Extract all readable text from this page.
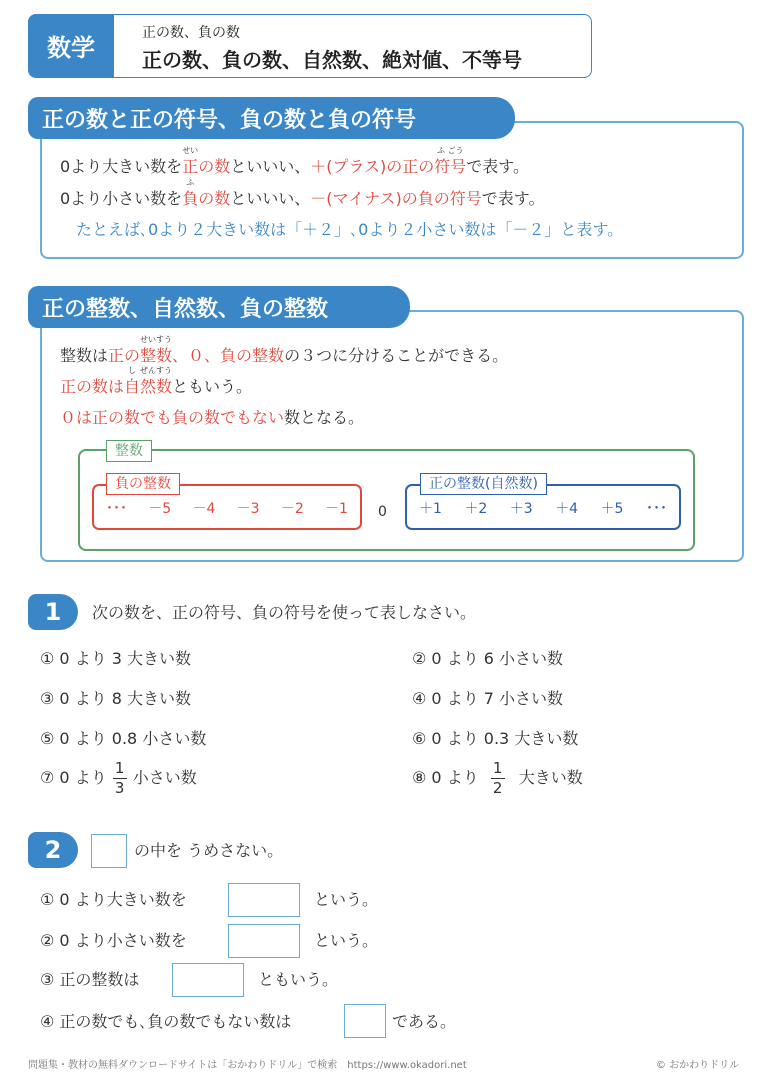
数学
正の数、負の数
正の数、負の数、自然数、絶対値、不等号
正の数と正の符号、負の数と負の符号
0より大きい数を
せい
正の数といいい、＋(プラス)の正の
ふ ごう
符号で表す。
0より小さい数を
ふ
負の数といいい、－(マイナス)の負の符号で表す。
たとえば､0より２大きい数は「＋２」､0より２小さい数は「－２」と表す。
正の整数、自然数、負の整数
整数は正の
せいすう
整数、０、負の整数の３つに分けることができる。
正の数は
し
自
ぜんすう
然数ともいう。
０は正の数でも負の数でもない数となる。
整数
･･･ －5 －4 －3 －2 －1
負の整数
0 ＋1 ＋2 ＋3 ＋4 ＋5 ･･･
正の整数(自然数)
1	次の数を、正の符号、負の符号を使って表しなさい。
① 0 より 3 大きい数	② 0 より 6 小さい数
③ 0 より 8 大きい数	④ 0 より 7 小さい数
⑤ 0 より 0.8 小さい数	⑥ 0 より 0.3 大きい数
⑦ 0 より $\frac{1}{3}$ 小さい数	⑧ 0 より $\frac{1}{2}$ 大きい数
2	の中を うめさない。
① 0 より大きい数を	という。
② 0 より小さい数を	という。
③ 正の整数は	ともいう。
④ 正の数でも､負の数でもない数は	である。
問題集・教材の無料ダウンロードサイトは「おかわりドリル」で検索　https://www.okadori.net	© おかわりドリル
